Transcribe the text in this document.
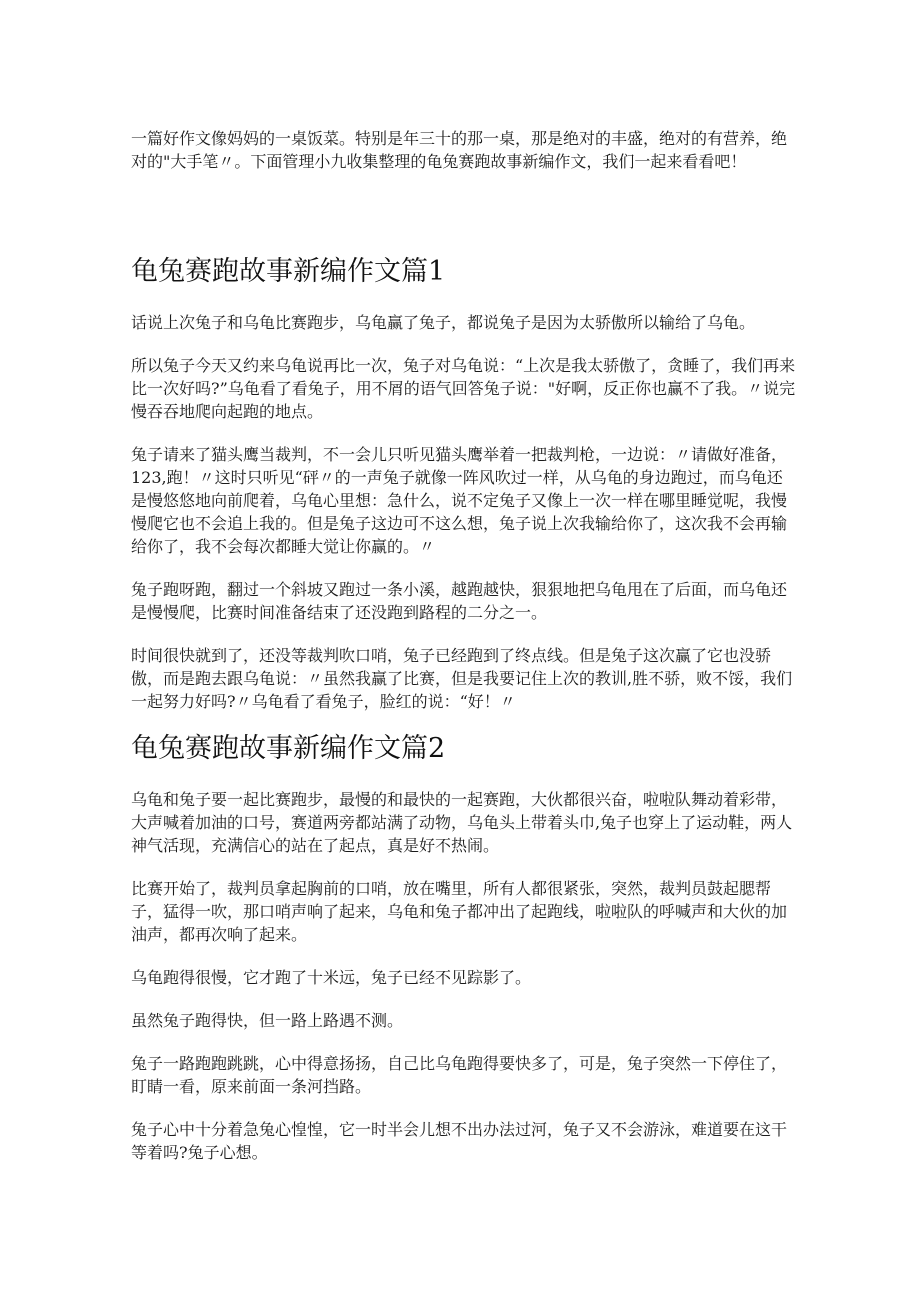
一篇好作文像妈妈的一桌饭菜。特别是年三十的那一桌，那是绝对的丰盛，绝对的有营养，绝对的"大手笔〃。下面管理小九收集整理的龟兔赛跑故事新编作文，我们一起来看看吧！

龟兔赛跑故事新编作文篇1

话说上次兔子和乌龟比赛跑步，乌龟赢了兔子，都说兔子是因为太骄傲所以输给了乌龟。

所以兔子今天又约来乌龟说再比一次，兔子对乌龟说：“上次是我太骄傲了，贪睡了，我们再来比一次好吗?”乌龟看了看兔子，用不屑的语气回答兔子说："好啊，反正你也赢不了我。〃说完慢吞吞地爬向起跑的地点。

兔子请来了猫头鹰当裁判，不一会儿只听见猫头鹰举着一把裁判枪，一边说：〃请做好准备，123,跑！〃这时只听见“砰〃的一声兔子就像一阵风吹过一样，从乌龟的身边跑过，而乌龟还是慢悠悠地向前爬着，乌龟心里想：急什么，说不定兔子又像上一次一样在哪里睡觉呢，我慢慢爬它也不会追上我的。但是兔子这边可不这么想，兔子说上次我输给你了，这次我不会再输给你了，我不会每次都睡大觉让你赢的。〃

兔子跑呀跑，翻过一个斜坡又跑过一条小溪，越跑越快，狠狠地把乌龟甩在了后面，而乌龟还是慢慢爬，比赛时间准备结束了还没跑到路程的二分之一。

时间很快就到了，还没等裁判吹口哨，兔子已经跑到了终点线。但是兔子这次赢了它也没骄傲，而是跑去跟乌龟说：〃虽然我赢了比赛，但是我要记住上次的教训,胜不骄，败不馁，我们一起努力好吗?〃乌龟看了看兔子，脸红的说：“好！〃

龟兔赛跑故事新编作文篇2

乌龟和兔子要一起比赛跑步，最慢的和最快的一起赛跑，大伙都很兴奋，啦啦队舞动着彩带，大声喊着加油的口号，赛道两旁都站满了动物，乌龟头上带着头巾,兔子也穿上了运动鞋，两人神气活现，充满信心的站在了起点，真是好不热闹。

比赛开始了，裁判员拿起胸前的口哨，放在嘴里，所有人都很紧张，突然，裁判员鼓起腮帮子，猛得一吹，那口哨声响了起来，乌龟和兔子都冲出了起跑线，啦啦队的呼喊声和大伙的加油声，都再次响了起来。

乌龟跑得很慢，它才跑了十米远，兔子已经不见踪影了。

虽然兔子跑得快，但一路上路遇不测。

兔子一路跑跑跳跳，心中得意扬扬，自己比乌龟跑得要快多了，可是，兔子突然一下停住了，盯睛一看，原来前面一条河挡路。

兔子心中十分着急兔心惶惶，它一时半会儿想不出办法过河，兔子又不会游泳，难道要在这干等着吗?兔子心想。
